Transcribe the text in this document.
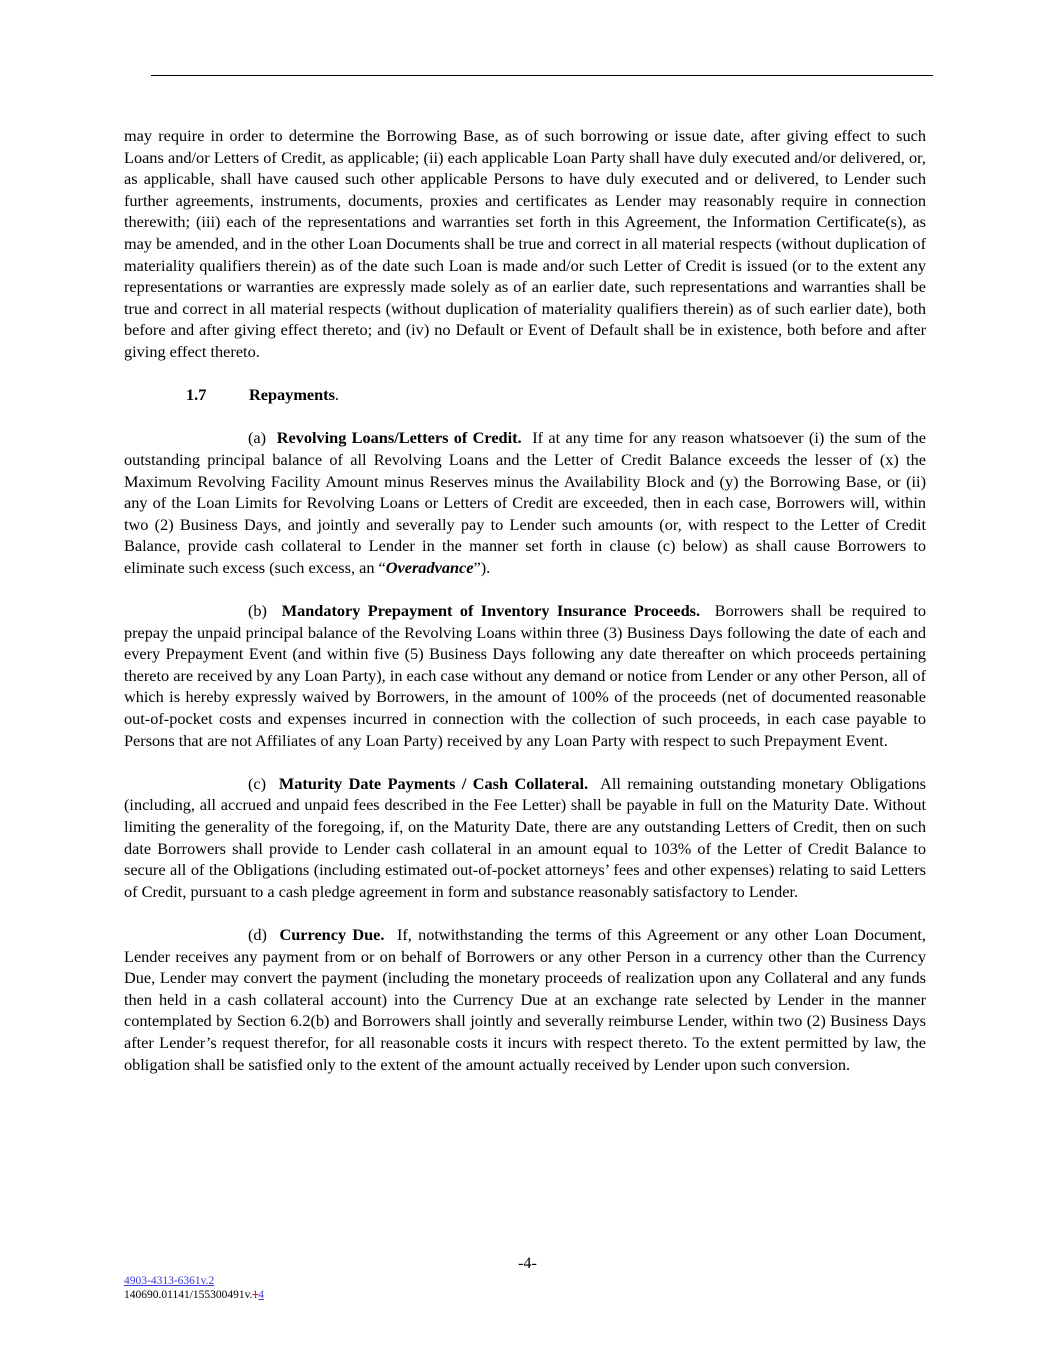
may require in order to determine the Borrowing Base, as of such borrowing or issue date, after giving effect to such Loans and/or Letters of Credit, as applicable; (ii) each applicable Loan Party shall have duly executed and/or delivered, or, as applicable, shall have caused such other applicable Persons to have duly executed and or delivered, to Lender such further agreements, instruments, documents, proxies and certificates as Lender may reasonably require in connection therewith; (iii) each of the representations and warranties set forth in this Agreement, the Information Certificate(s), as may be amended, and in the other Loan Documents shall be true and correct in all material respects (without duplication of materiality qualifiers therein) as of the date such Loan is made and/or such Letter of Credit is issued (or to the extent any representations or warranties are expressly made solely as of an earlier date, such representations and warranties shall be true and correct in all material respects (without duplication of materiality qualifiers therein) as of such earlier date), both before and after giving effect thereto; and (iv) no Default or Event of Default shall be in existence, both before and after giving effect thereto.

1.7	Repayments.

(a) Revolving Loans/Letters of Credit. If at any time for any reason whatsoever (i) the sum of the outstanding principal balance of all Revolving Loans and the Letter of Credit Balance exceeds the lesser of (x) the Maximum Revolving Facility Amount minus Reserves minus the Availability Block and (y) the Borrowing Base, or (ii) any of the Loan Limits for Revolving Loans or Letters of Credit are exceeded, then in each case, Borrowers will, within two (2) Business Days, and jointly and severally pay to Lender such amounts (or, with respect to the Letter of Credit Balance, provide cash collateral to Lender in the manner set forth in clause (c) below) as shall cause Borrowers to eliminate such excess (such excess, an “Overadvance”).

(b) Mandatory Prepayment of Inventory Insurance Proceeds. Borrowers shall be required to prepay the unpaid principal balance of the Revolving Loans within three (3) Business Days following the date of each and every Prepayment Event (and within five (5) Business Days following any date thereafter on which proceeds pertaining thereto are received by any Loan Party), in each case without any demand or notice from Lender or any other Person, all of which is hereby expressly waived by Borrowers, in the amount of 100% of the proceeds (net of documented reasonable out-of-pocket costs and expenses incurred in connection with the collection of such proceeds, in each case payable to Persons that are not Affiliates of any Loan Party) received by any Loan Party with respect to such Prepayment Event.

(c) Maturity Date Payments / Cash Collateral. All remaining outstanding monetary Obligations (including, all accrued and unpaid fees described in the Fee Letter) shall be payable in full on the Maturity Date. Without limiting the generality of the foregoing, if, on the Maturity Date, there are any outstanding Letters of Credit, then on such date Borrowers shall provide to Lender cash collateral in an amount equal to 103% of the Letter of Credit Balance to secure all of the Obligations (including estimated out-of-pocket attorneys’ fees and other expenses) relating to said Letters of Credit, pursuant to a cash pledge agreement in form and substance reasonably satisfactory to Lender.

(d) Currency Due. If, notwithstanding the terms of this Agreement or any other Loan Document, Lender receives any payment from or on behalf of Borrowers or any other Person in a currency other than the Currency Due, Lender may convert the payment (including the monetary proceeds of realization upon any Collateral and any funds then held in a cash collateral account) into the Currency Due at an exchange rate selected by Lender in the manner contemplated by Section 6.2(b) and Borrowers shall jointly and severally reimburse Lender, within two (2) Business Days after Lender’s request therefor, for all reasonable costs it incurs with respect thereto. To the extent permitted by law, the obligation shall be satisfied only to the extent of the amount actually received by Lender upon such conversion.

-4-
4903-4313-6361v.2
140690.01141/155300491v.14
